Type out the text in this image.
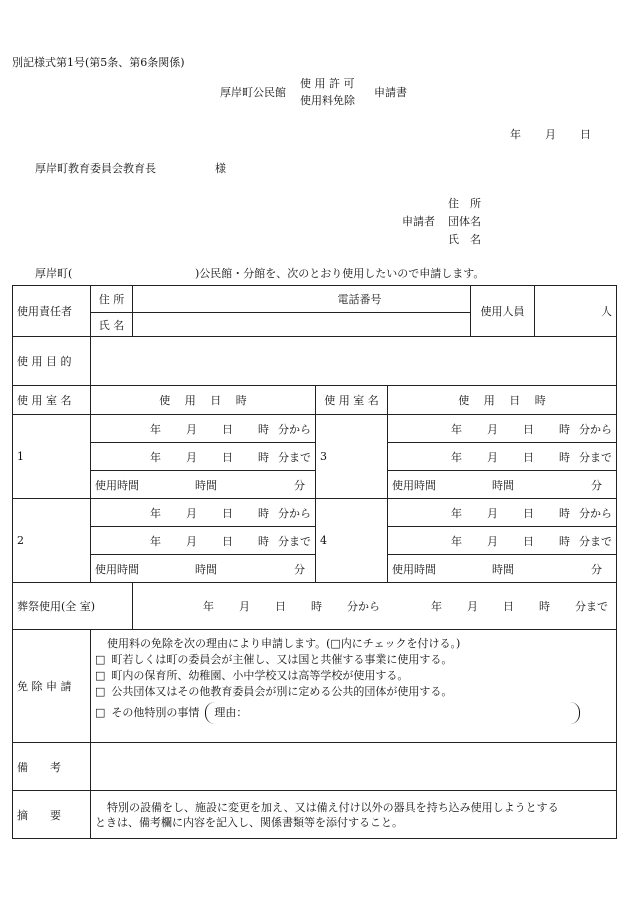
別記様式第1号(第5条、第6条関係)
厚岸町公民館
使 用 許 可
使用料免除
申請書
年 月 日
厚岸町教育委員会教育長	様
住　所
申請者 団体名
氏　名
厚岸町(	)公民館・分館を、次のとおり使用したいので申請します。
使用責任者	住 所	電話番号			使用人員	人
	氏 名					
使 用 目 的						
使 用 室 名	使　 用　 日　 時		使 用 室 名	使　 用　 日　 時		
1	年 月 日 時 分から		3	年 月 日 時 分から		
	年 月 日 時 分まで			年 月 日 時 分まで		
	使用時間 時間 分			使用時間 時間 分		
2	年 月 日 時 分から		4	年 月 日 時 分から		
	年 月 日 時 分まで			年 月 日 時 分まで		
	使用時間 時間 分			使用時間 時間 分		
葬祭使用(全 室)		年 月 日 時 分から 年 月 日 時 分まで				
免 除 申 請	使用料の免除を次の理由により申請します。(□内にチェックを付ける。)
□ 町若しくは町の委員会が主催し、又は国と共催する事業に使用する。
□ 町内の保育所、幼稚園、小中学校又は高等学校が使用する。
□ 公共団体又はその他教育委員会が別に定める公共的団体が使用する。
□ その他特別の事情 理由：					

備　　考						
摘　　要	特別の設備をし、施設に変更を加え、又は備え付け以外の器具を持ち込み使用しようとする
ときは、備考欄に内容を記入し、関係書類等を添付すること。					
